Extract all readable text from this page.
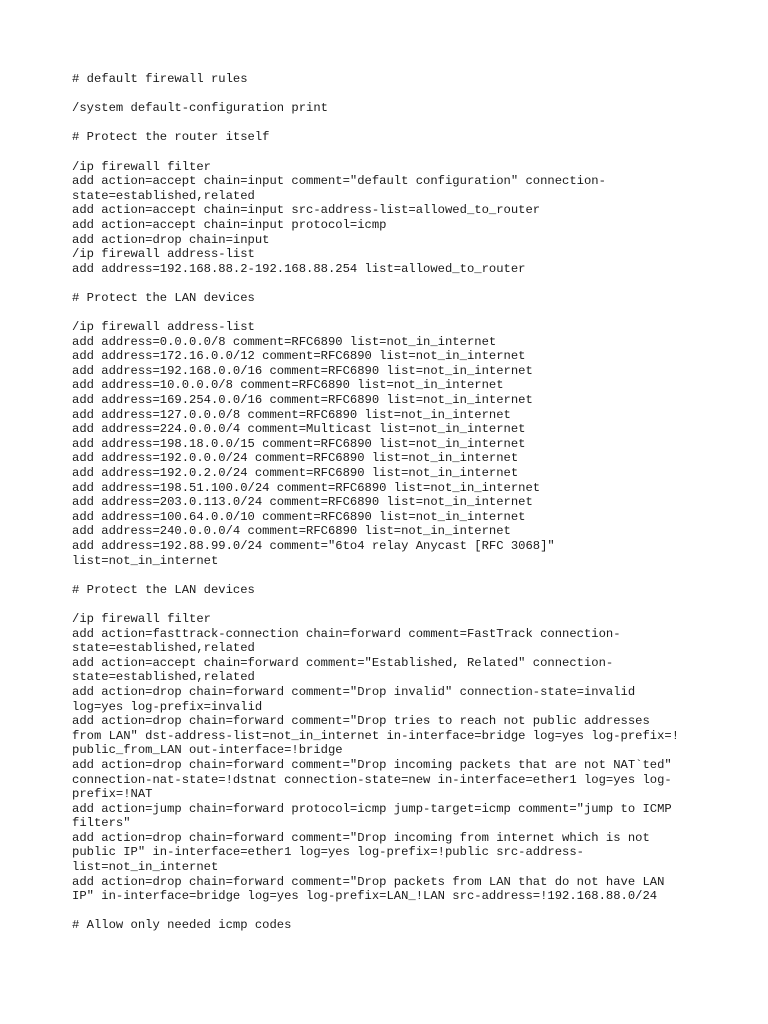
# default firewall rules
/system default-configuration print
# Protect the router itself
/ip firewall filter
add action=accept chain=input comment="default configuration" connection-
state=established,related
add action=accept chain=input src-address-list=allowed_to_router
add action=accept chain=input protocol=icmp
add action=drop chain=input
/ip firewall address-list
add address=192.168.88.2-192.168.88.254 list=allowed_to_router
# Protect the LAN devices
/ip firewall address-list
add address=0.0.0.0/8 comment=RFC6890 list=not_in_internet
add address=172.16.0.0/12 comment=RFC6890 list=not_in_internet
add address=192.168.0.0/16 comment=RFC6890 list=not_in_internet
add address=10.0.0.0/8 comment=RFC6890 list=not_in_internet
add address=169.254.0.0/16 comment=RFC6890 list=not_in_internet
add address=127.0.0.0/8 comment=RFC6890 list=not_in_internet
add address=224.0.0.0/4 comment=Multicast list=not_in_internet
add address=198.18.0.0/15 comment=RFC6890 list=not_in_internet
add address=192.0.0.0/24 comment=RFC6890 list=not_in_internet
add address=192.0.2.0/24 comment=RFC6890 list=not_in_internet
add address=198.51.100.0/24 comment=RFC6890 list=not_in_internet
add address=203.0.113.0/24 comment=RFC6890 list=not_in_internet
add address=100.64.0.0/10 comment=RFC6890 list=not_in_internet
add address=240.0.0.0/4 comment=RFC6890 list=not_in_internet
add address=192.88.99.0/24 comment="6to4 relay Anycast [RFC 3068]"
list=not_in_internet
# Protect the LAN devices
/ip firewall filter
add action=fasttrack-connection chain=forward comment=FastTrack connection-
state=established,related
add action=accept chain=forward comment="Established, Related" connection-
state=established,related
add action=drop chain=forward comment="Drop invalid" connection-state=invalid
log=yes log-prefix=invalid
add action=drop chain=forward comment="Drop tries to reach not public addresses
from LAN" dst-address-list=not_in_internet in-interface=bridge log=yes log-prefix=!
public_from_LAN out-interface=!bridge
add action=drop chain=forward comment="Drop incoming packets that are not NAT`ted"
connection-nat-state=!dstnat connection-state=new in-interface=ether1 log=yes log-
prefix=!NAT
add action=jump chain=forward protocol=icmp jump-target=icmp comment="jump to ICMP
filters"
add action=drop chain=forward comment="Drop incoming from internet which is not
public IP" in-interface=ether1 log=yes log-prefix=!public src-address-
list=not_in_internet
add action=drop chain=forward comment="Drop packets from LAN that do not have LAN
IP" in-interface=bridge log=yes log-prefix=LAN_!LAN src-address=!192.168.88.0/24
# Allow only needed icmp codes
